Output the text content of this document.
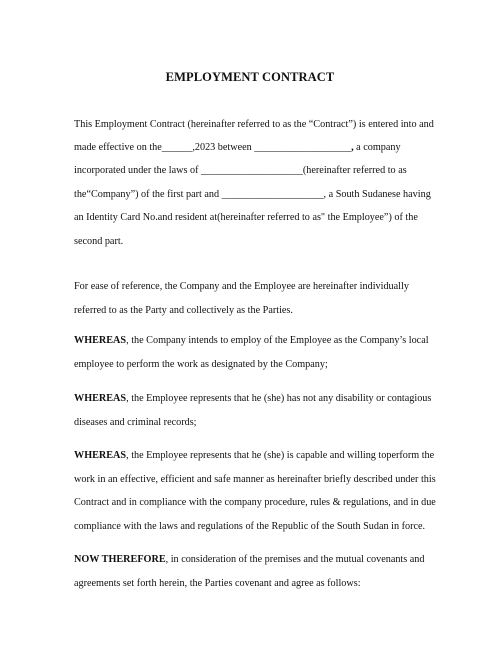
EMPLOYMENT CONTRACT
This Employment Contract (hereinafter referred to as the “Contract”) is entered into and
made effective on the______,2023 between ___________________, a company
incorporated under the laws of ____________________(hereinafter referred to as
the“Company”) of the first part and ____________________, a South Sudanese having
an Identity Card No.and resident at(hereinafter referred to as" the Employee”) of the
second part.
For ease of reference, the Company and the Employee are hereinafter individually
referred to as the Party and collectively as the Parties.
WHEREAS, the Company intends to employ of the Employee as the Company’s local
employee to perform the work as designated by the Company;
WHEREAS, the Employee represents that he (she) has not any disability or contagious
diseases and criminal records;
WHEREAS, the Employee represents that he (she) is capable and willing toperform the
work in an effective, efficient and safe manner as hereinafter briefly described under this
Contract and in compliance with the company procedure, rules & regulations, and in due
compliance with the laws and regulations of the Republic of the South Sudan in force.
NOW THEREFORE, in consideration of the premises and the mutual covenants and
agreements set forth herein, the Parties covenant and agree as follows:
